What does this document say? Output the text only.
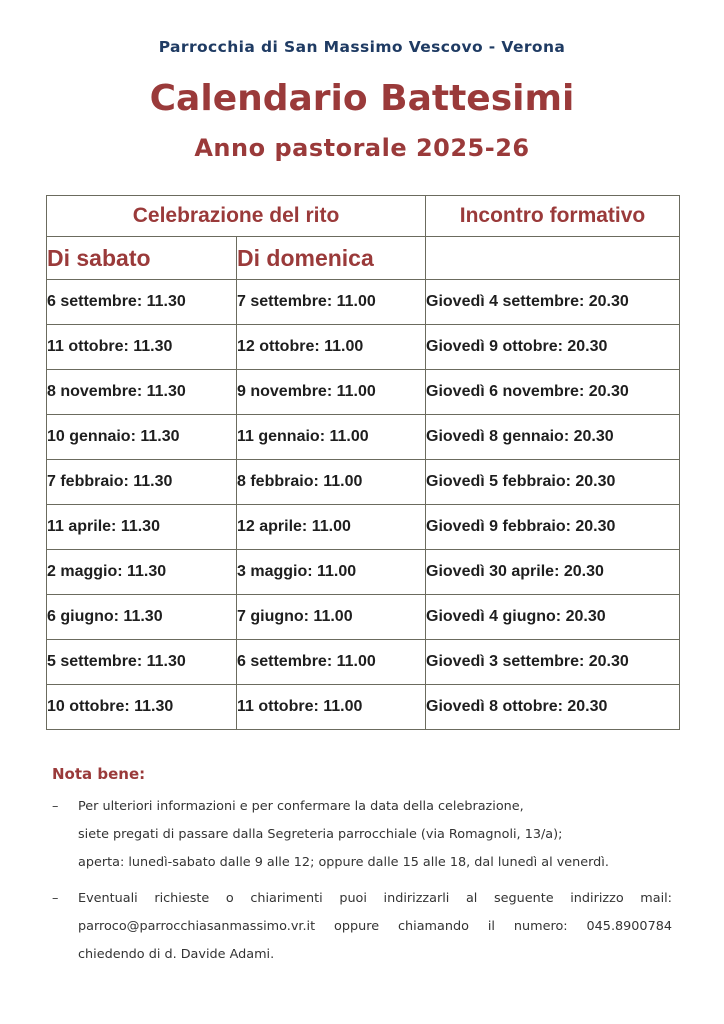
Parrocchia di San Massimo Vescovo - Verona
Calendario Battesimi
Anno pastorale 2025-26
Celebrazione del rito		Incontro formativo
Di sabato	Di domenica	
6 settembre: 11.30	7 settembre: 11.00	Giovedì 4 settembre: 20.30
11 ottobre: 11.30	12 ottobre: 11.00	Giovedì 9 ottobre: 20.30
8 novembre: 11.30	9 novembre: 11.00	Giovedì 6 novembre: 20.30
10 gennaio: 11.30	11 gennaio: 11.00	Giovedì 8 gennaio: 20.30
7 febbraio: 11.30	8 febbraio: 11.00	Giovedì 5 febbraio: 20.30
11 aprile: 11.30	12 aprile: 11.00	Giovedì 9 febbraio: 20.30
2 maggio: 11.30	3 maggio: 11.00	Giovedì 30 aprile: 20.30
6 giugno: 11.30	7 giugno: 11.00	Giovedì 4 giugno: 20.30
5 settembre: 11.30	6 settembre: 11.00	Giovedì 3 settembre: 20.30
10 ottobre: 11.30	11 ottobre: 11.00	Giovedì 8 ottobre: 20.30
Nota bene:
– Per ulteriori informazioni e per confermare la data della celebrazione,
siete pregati di passare dalla Segreteria parrocchiale (via Romagnoli, 13/a);
aperta: lunedì-sabato dalle 9 alle 12; oppure dalle 15 alle 18, dal lunedì al venerdì.
– Eventuali richieste o chiarimenti puoi indirizzarli al seguente indirizzo mail:
parroco@parrocchiasanmassimo.vr.it oppure chiamando il numero: 045.8900784
chiedendo di d. Davide Adami.
